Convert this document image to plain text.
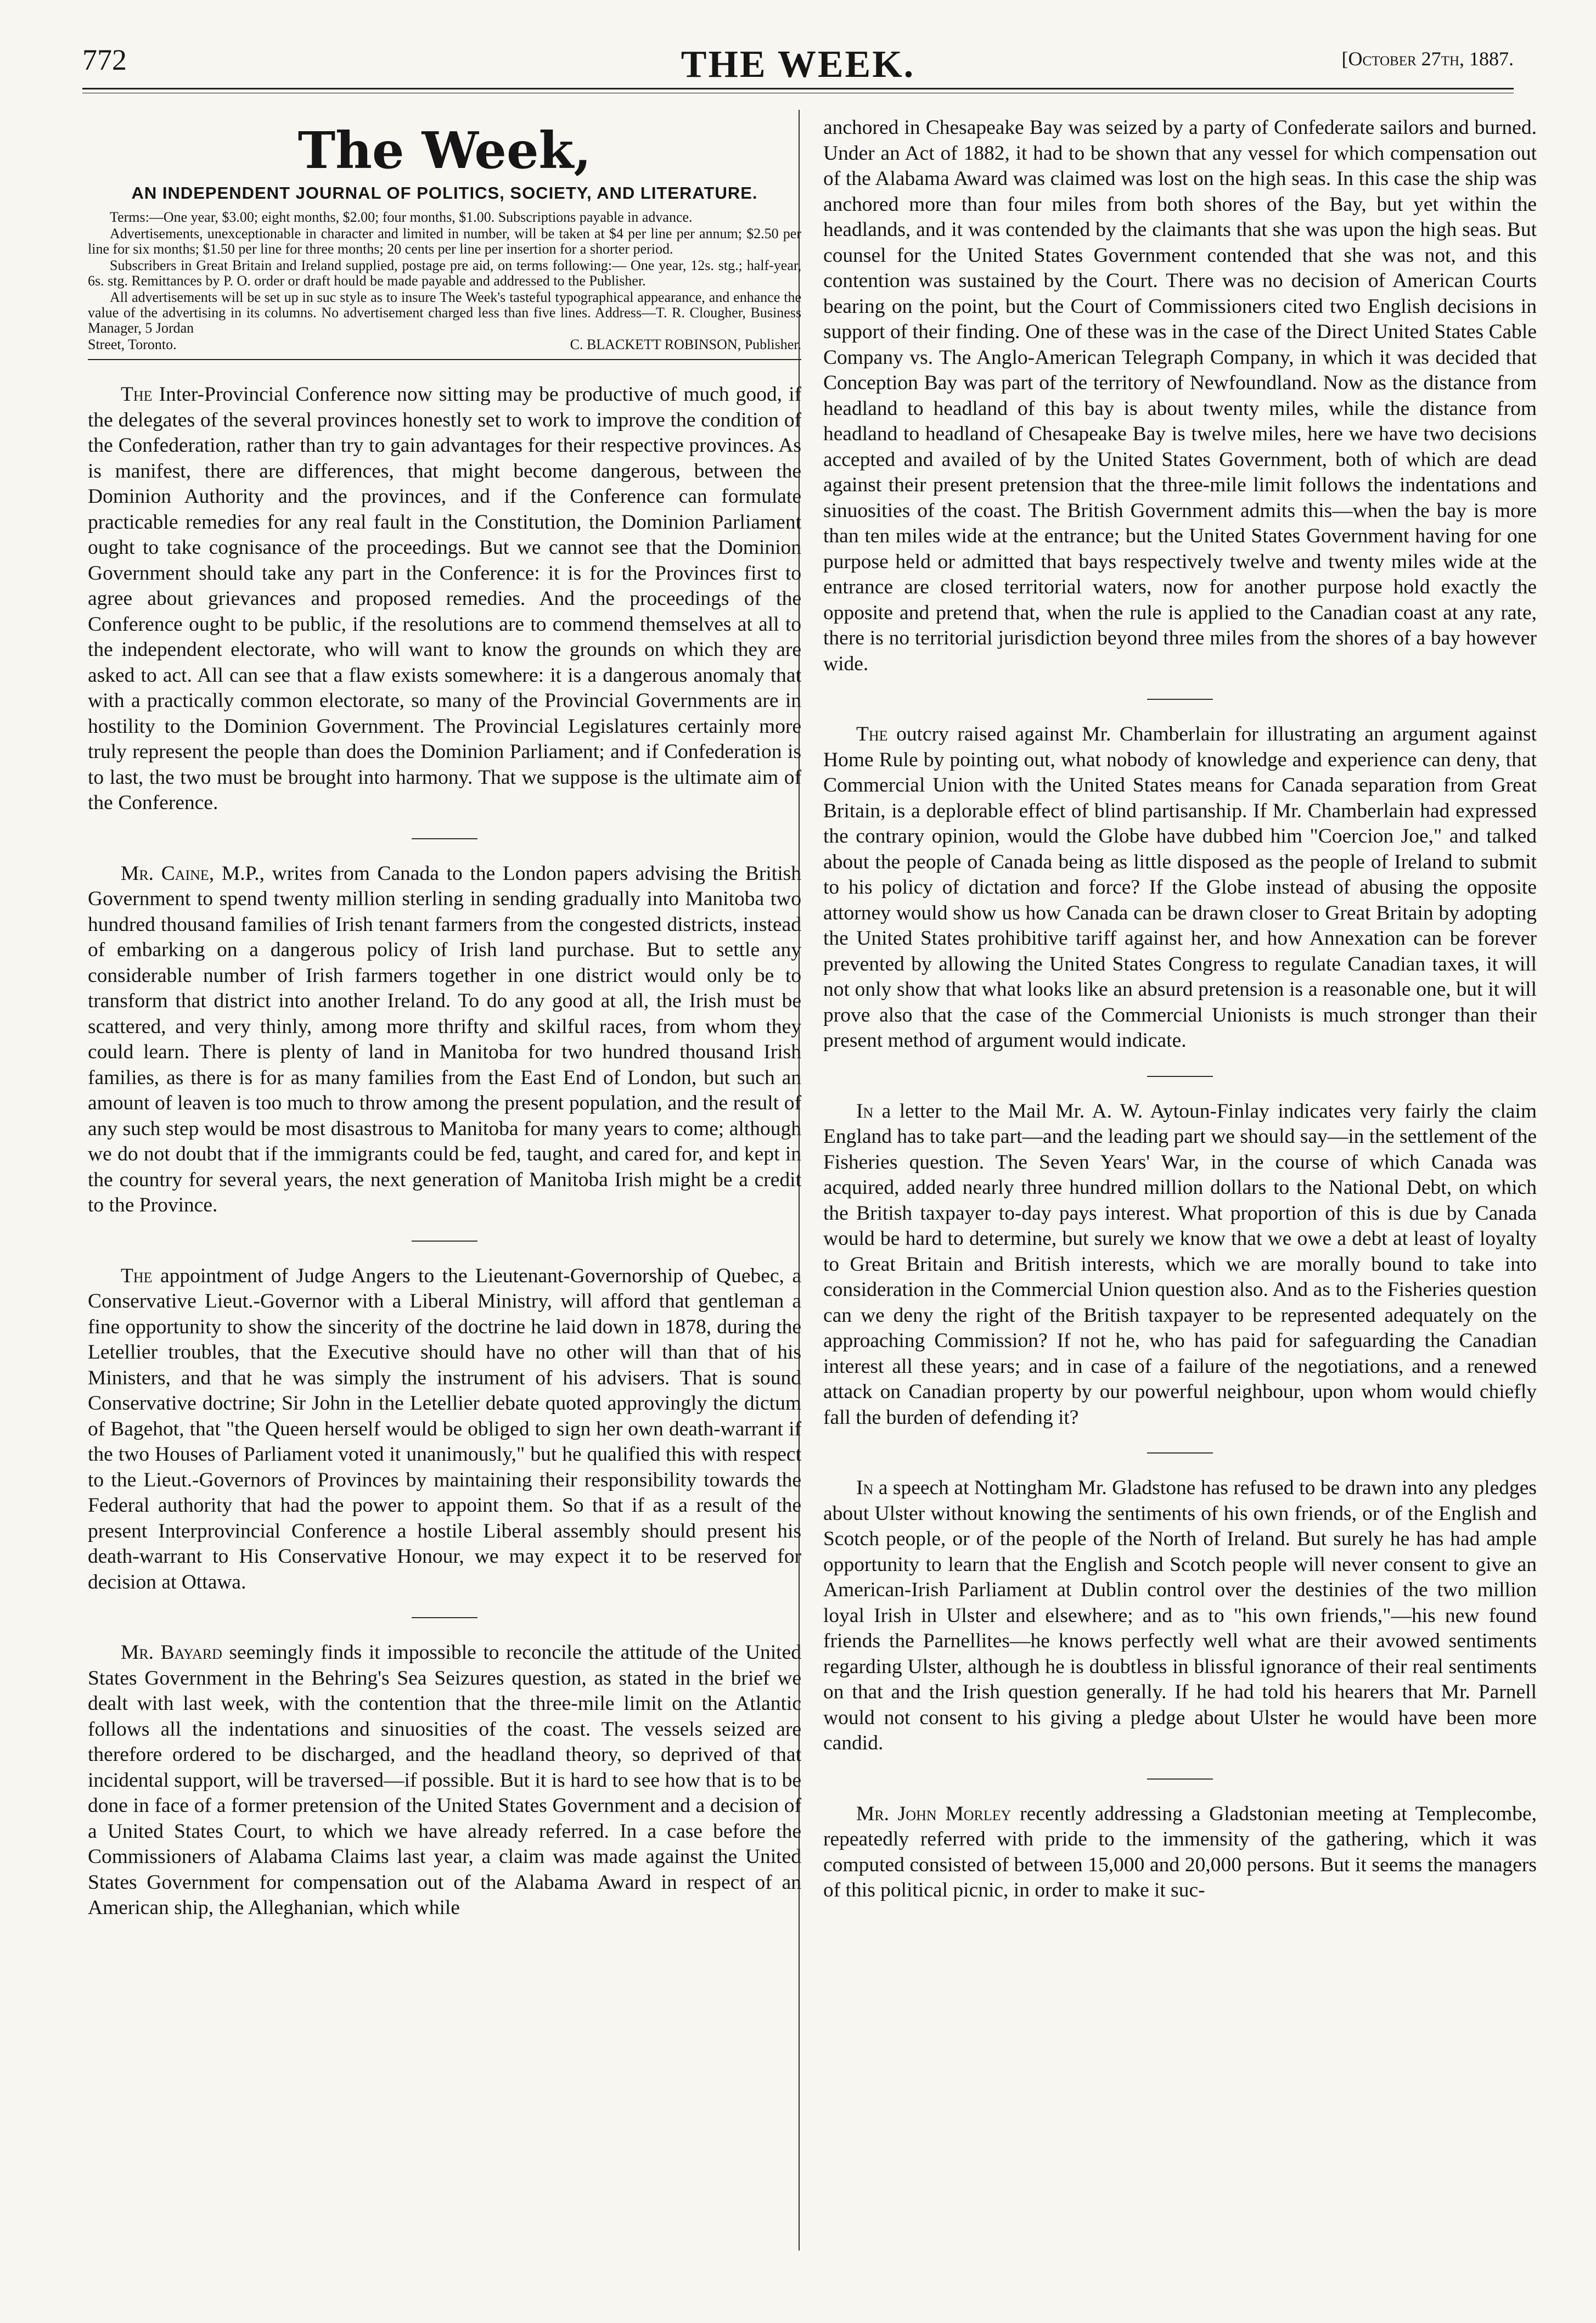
772	THE WEEK.	[October 27th, 1887.
The Week,
AN INDEPENDENT JOURNAL OF POLITICS, SOCIETY, AND LITERATURE.

Terms:—One year, $3.00; eight months, $2.00; four months, $1.00. Subscriptions payable in advance.

Advertisements, unexceptionable in character and limited in number, will be taken at $4 per line per annum; $2.50 per line for six months; $1.50 per line for three months; 20 cents per line per insertion for a shorter period.

Subscribers in Great Britain and Ireland supplied, postage pre aid, on terms following:— One year, 12s. stg.; half-year, 6s. stg. Remittances by P. O. order or draft hould be made payable and addressed to the Publisher.

All advertisements will be set up in suc style as to insure The Week's tasteful typographical appearance, and enhance the value of the advertising in its columns. No advertisement charged less than five lines. Address—T. R. Clougher, Business Manager, 5 Jordan

Street, Toronto.	C. BLACKETT ROBINSON, Publisher.

The Inter-Provincial Conference now sitting may be productive of much good, if the delegates of the several provinces honestly set to work to improve the condition of the Confederation, rather than try to gain advantages for their respective provinces. As is manifest, there are differences, that might become dangerous, between the Dominion Authority and the provinces, and if the Conference can formulate practicable remedies for any real fault in the Constitution, the Dominion Parliament ought to take cognisance of the proceedings. But we cannot see that the Dominion Government should take any part in the Conference: it is for the Provinces first to agree about grievances and proposed remedies. And the proceedings of the Conference ought to be public, if the resolutions are to commend themselves at all to the independent electorate, who will want to know the grounds on which they are asked to act. All can see that a flaw exists somewhere: it is a dangerous anomaly that with a practically common electorate, so many of the Provincial Governments are in hostility to the Dominion Government. The Provincial Legislatures certainly more truly represent the people than does the Dominion Parliament; and if Confederation is to last, the two must be brought into harmony. That we suppose is the ultimate aim of the Conference.

Mr. Caine, M.P., writes from Canada to the London papers advising the British Government to spend twenty million sterling in sending gradually into Manitoba two hundred thousand families of Irish tenant farmers from the congested districts, instead of embarking on a dangerous policy of Irish land purchase. But to settle any considerable number of Irish farmers together in one district would only be to transform that district into another Ireland. To do any good at all, the Irish must be scattered, and very thinly, among more thrifty and skilful races, from whom they could learn. There is plenty of land in Manitoba for two hundred thousand Irish families, as there is for as many families from the East End of London, but such an amount of leaven is too much to throw among the present population, and the result of any such step would be most disastrous to Manitoba for many years to come; although we do not doubt that if the immigrants could be fed, taught, and cared for, and kept in the country for several years, the next generation of Manitoba Irish might be a credit to the Province.

The appointment of Judge Angers to the Lieutenant-Governorship of Quebec, a Conservative Lieut.-Governor with a Liberal Ministry, will afford that gentleman a fine opportunity to show the sincerity of the doctrine he laid down in 1878, during the Letellier troubles, that the Executive should have no other will than that of his Ministers, and that he was simply the instrument of his advisers. That is sound Conservative doctrine; Sir John in the Letellier debate quoted approvingly the dictum of Bagehot, that "the Queen herself would be obliged to sign her own death-warrant if the two Houses of Parliament voted it unanimously," but he qualified this with respect to the Lieut.-Governors of Provinces by maintaining their responsibility towards the Federal authority that had the power to appoint them. So that if as a result of the present Interprovincial Conference a hostile Liberal assembly should present his death-warrant to His Conservative Honour, we may expect it to be reserved for decision at Ottawa.

Mr. Bayard seemingly finds it impossible to reconcile the attitude of the United States Government in the Behring's Sea Seizures question, as stated in the brief we dealt with last week, with the contention that the three-mile limit on the Atlantic follows all the indentations and sinuosities of the coast. The vessels seized are therefore ordered to be discharged, and the headland theory, so deprived of that incidental support, will be traversed—if possible. But it is hard to see how that is to be done in face of a former pretension of the United States Government and a decision of a United States Court, to which we have already referred. In a case before the Commissioners of Alabama Claims last year, a claim was made against the United States Government for compensation out of the Alabama Award in respect of an American ship, the Alleghanian, which while

anchored in Chesapeake Bay was seized by a party of Confederate sailors and burned. Under an Act of 1882, it had to be shown that any vessel for which compensation out of the Alabama Award was claimed was lost on the high seas. In this case the ship was anchored more than four miles from both shores of the Bay, but yet within the headlands, and it was contended by the claimants that she was upon the high seas. But counsel for the United States Government contended that she was not, and this contention was sustained by the Court. There was no decision of American Courts bearing on the point, but the Court of Commissioners cited two English decisions in support of their finding. One of these was in the case of the Direct United States Cable Company vs. The Anglo-American Telegraph Company, in which it was decided that Conception Bay was part of the territory of Newfoundland. Now as the distance from headland to headland of this bay is about twenty miles, while the distance from headland to headland of Chesapeake Bay is twelve miles, here we have two decisions accepted and availed of by the United States Government, both of which are dead against their present pretension that the three-mile limit follows the indentations and sinuosities of the coast. The British Government admits this—when the bay is more than ten miles wide at the entrance; but the United States Government having for one purpose held or admitted that bays respectively twelve and twenty miles wide at the entrance are closed territorial waters, now for another purpose hold exactly the opposite and pretend that, when the rule is applied to the Canadian coast at any rate, there is no territorial jurisdiction beyond three miles from the shores of a bay however wide.

The outcry raised against Mr. Chamberlain for illustrating an argument against Home Rule by pointing out, what nobody of knowledge and experience can deny, that Commercial Union with the United States means for Canada separation from Great Britain, is a deplorable effect of blind partisanship. If Mr. Chamberlain had expressed the contrary opinion, would the Globe have dubbed him "Coercion Joe," and talked about the people of Canada being as little disposed as the people of Ireland to submit to his policy of dictation and force? If the Globe instead of abusing the opposite attorney would show us how Canada can be drawn closer to Great Britain by adopting the United States prohibitive tariff against her, and how Annexation can be forever prevented by allowing the United States Congress to regulate Canadian taxes, it will not only show that what looks like an absurd pretension is a reasonable one, but it will prove also that the case of the Commercial Unionists is much stronger than their present method of argument would indicate.

In a letter to the Mail Mr. A. W. Aytoun-Finlay indicates very fairly the claim England has to take part—and the leading part we should say—in the settlement of the Fisheries question. The Seven Years' War, in the course of which Canada was acquired, added nearly three hundred million dollars to the National Debt, on which the British taxpayer to-day pays interest. What proportion of this is due by Canada would be hard to determine, but surely we know that we owe a debt at least of loyalty to Great Britain and British interests, which we are morally bound to take into consideration in the Commercial Union question also. And as to the Fisheries question can we deny the right of the British taxpayer to be represented adequately on the approaching Commission? If not he, who has paid for safeguarding the Canadian interest all these years; and in case of a failure of the negotiations, and a renewed attack on Canadian property by our powerful neighbour, upon whom would chiefly fall the burden of defending it?

In a speech at Nottingham Mr. Gladstone has refused to be drawn into any pledges about Ulster without knowing the sentiments of his own friends, or of the English and Scotch people, or of the people of the North of Ireland. But surely he has had ample opportunity to learn that the English and Scotch people will never consent to give an American-Irish Parliament at Dublin control over the destinies of the two million loyal Irish in Ulster and elsewhere; and as to "his own friends,"—his new found friends the Parnellites—he knows perfectly well what are their avowed sentiments regarding Ulster, although he is doubtless in blissful ignorance of their real sentiments on that and the Irish question generally. If he had told his hearers that Mr. Parnell would not consent to his giving a pledge about Ulster he would have been more candid.

Mr. John Morley recently addressing a Gladstonian meeting at Templecombe, repeatedly referred with pride to the immensity of the gathering, which it was computed consisted of between 15,000 and 20,000 persons. But it seems the managers of this political picnic, in order to make it suc-
